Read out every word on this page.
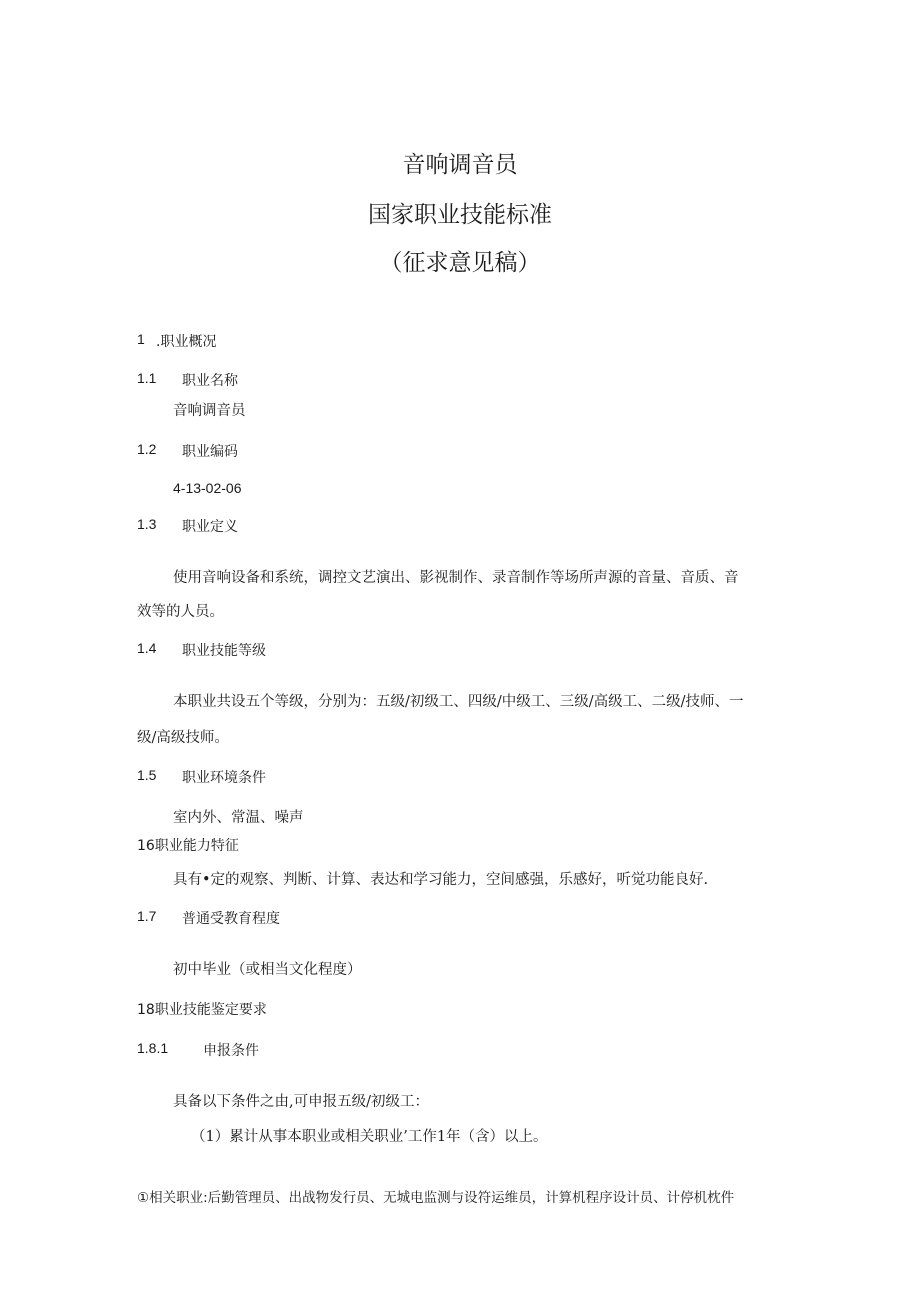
音响调音员
国家职业技能标准
（征求意见稿）
1 .职业概况
1.1 职业名称
音响调音员
1.2 职业编码
4-13-02-06
1.3 职业定义
使用音响设备和系统，调控文艺演出、影视制作、录音制作等场所声源的音量、音质、音
效等的人员。
1.4 职业技能等级
本职业共设五个等级，分别为：五级/初级工、四级/中级工、三级/高级工、二级/技师、一
级/高级技师。
1.5 职业环境条件
室内外、常温、噪声
16职业能力特征
具有•定的观察、判断、计算、表达和学习能力，空间感强，乐感好，听觉功能良好.
1.7 普通受教育程度
初中毕业（或相当文化程度）
18职业技能鉴定要求
1.8.1 申报条件
具备以下条件之由,可申报五级/初级工：
（1）累计从事本职业或相关职业’工作1年（含）以上。
①相关职业:后勤管理员、出战物发行员、无城电监测与设符运维员，计算机程序设计员、计停机枕件
